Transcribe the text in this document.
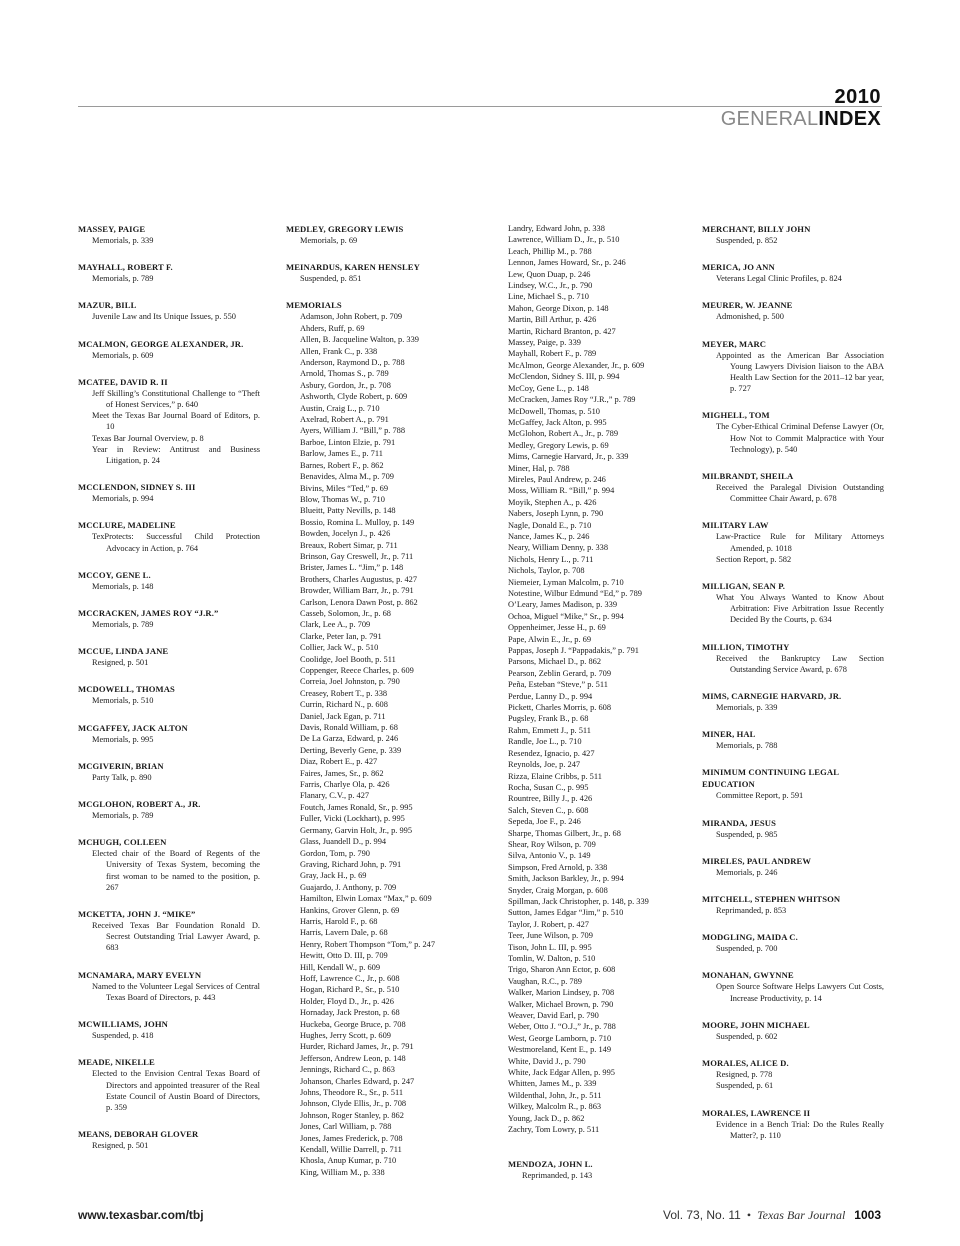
2010
GENERALINDEX
MASSEY, PAIGE
Memorials, p. 339
MAYHALL, ROBERT F.
Memorials, p. 789
MAZUR, BILL
Juvenile Law and Its Unique Issues, p. 550
MCALMON, GEORGE ALEXANDER, JR.
Memorials, p. 609
MCATEE, DAVID R. II
Jeff Skilling’s Constitutional Challenge to “Theft of Honest Services,” p. 640
Meet the Texas Bar Journal Board of Editors, p. 10
Texas Bar Journal Overview, p. 8
Year in Review: Antitrust and Business Litigation, p. 24
MCCLENDON, SIDNEY S. III
Memorials, p. 994
MCCLURE, MADELINE
TexProtects: Successful Child Protection Advocacy in Action, p. 764
MCCOY, GENE L.
Memorials, p. 148
MCCRACKEN, JAMES ROY “J.R.”
Memorials, p. 789
MCCUE, LINDA JANE
Resigned, p. 501
MCDOWELL, THOMAS
Memorials, p. 510
MCGAFFEY, JACK ALTON
Memorials, p. 995
MCGIVERIN, BRIAN
Party Talk, p. 890
MCGLOHON, ROBERT A., JR.
Memorials, p. 789
MCHUGH, COLLEEN
Elected chair of the Board of Regents of the University of Texas System, becoming the first woman to be named to the position, p. 267
MCKETTA, JOHN J. “MIKE”
Received Texas Bar Foundation Ronald D. Secrest Outstanding Trial Lawyer Award, p. 683
MCNAMARA, MARY EVELYN
Named to the Volunteer Legal Services of Central Texas Board of Directors, p. 443
MCWILLIAMS, JOHN
Suspended, p. 418
MEADE, NIKELLE
Elected to the Envision Central Texas Board of Directors and appointed treasurer of the Real Estate Council of Austin Board of Directors, p. 359
MEANS, DEBORAH GLOVER
Resigned, p. 501
MEDLEY, GREGORY LEWIS
Memorials, p. 69
MEINARDUS, KAREN HENSLEY
Suspended, p. 851
MEMORIALS
Adamson, John Robert, p. 709
Ahders, Ruff, p. 69
Allen, B. Jacqueline Walton, p. 339
Allen, Frank C., p. 338
Anderson, Raymond D., p. 788
Arnold, Thomas S., p. 789
Asbury, Gordon, Jr., p. 708
Ashworth, Clyde Robert, p. 609
Austin, Craig L., p. 710
Axelrad, Robert A., p. 791
Ayers, William J. “Bill,” p. 788
Barboe, Linton Elzie, p. 791
Barlow, James E., p. 711
Barnes, Robert F., p. 862
Benavides, Alma M., p. 709
Bivins, Miles “Ted,” p. 69
Blow, Thomas W., p. 710
Blueitt, Patty Nevills, p. 148
Bossio, Romina L. Mulloy, p. 149
Bowden, Jocelyn J., p. 426
Breaux, Robert Simar, p. 711
Brinson, Gay Creswell, Jr., p. 711
Brister, James L. “Jim,” p. 148
Brothers, Charles Augustus, p. 427
Browder, William Barr, Jr., p. 791
Carlson, Lenora Dawn Post, p. 862
Casseb, Solomon, Jr., p. 68
Clark, Lee A., p. 709
Clarke, Peter Ian, p. 791
Collier, Jack W., p. 510
Coolidge, Joel Booth, p. 511
Coppenger, Reece Charles, p. 609
Correia, Joel Johnston, p. 790
Creasey, Robert T., p. 338
Currin, Richard N., p. 608
Daniel, Jack Egan, p. 711
Davis, Ronald William, p. 68
De La Garza, Edward, p. 246
Derting, Beverly Gene, p. 339
Diaz, Robert E., p. 427
Faires, James, Sr., p. 862
Farris, Charlye Ola, p. 426
Flanary, C.V., p. 427
Foutch, James Ronald, Sr., p. 995
Fuller, Vicki (Lockhart), p. 995
Germany, Garvin Holt, Jr., p. 995
Glass, Juandell D., p. 994
Gordon, Tom, p. 790
Graving, Richard John, p. 791
Gray, Jack H., p. 69
Guajardo, J. Anthony, p. 709
Hamilton, Elwin Lomax “Max,” p. 609
Hankins, Grover Glenn, p. 69
Harris, Harold F., p. 68
Harris, Lavern Dale, p. 68
Henry, Robert Thompson “Tom,” p. 247
Hewitt, Otto D. III, p. 709
Hill, Kendall W., p. 609
Hoff, Lawrence C., Jr., p. 608
Hogan, Richard P., Sr., p. 510
Holder, Floyd D., Jr., p. 426
Hornaday, Jack Preston, p. 68
Huckeba, George Bruce, p. 708
Hughes, Jerry Scott, p. 609
Hurder, Richard James, Jr., p. 791
Jefferson, Andrew Leon, p. 148
Jennings, Richard C., p. 863
Johanson, Charles Edward, p. 247
Johns, Theodore R., Sr., p. 511
Johnson, Clyde Ellis, Jr., p. 708
Johnson, Roger Stanley, p. 862
Jones, Carl William, p. 788
Jones, James Frederick, p. 708
Kendall, Willie Darrell, p. 711
Khosla, Anup Kumar, p. 710
King, William M., p. 338
Landry, Edward John, p. 338
Lawrence, William D., Jr., p. 510
Leach, Phillip M., p. 788
Lennon, James Howard, Sr., p. 246
Lew, Quon Duap, p. 246
Lindsey, W.C., Jr., p. 790
Line, Michael S., p. 710
Mahon, George Dixon, p. 148
Martin, Bill Arthur, p. 426
Martin, Richard Branton, p. 427
Massey, Paige, p. 339
Mayhall, Robert F., p. 789
McAlmon, George Alexander, Jr., p. 609
McClendon, Sidney S. III, p. 994
McCoy, Gene L., p. 148
McCracken, James Roy “J.R.,” p. 789
McDowell, Thomas, p. 510
McGaffey, Jack Alton, p. 995
McGlohon, Robert A., Jr., p. 789
Medley, Gregory Lewis, p. 69
Mims, Carnegie Harvard, Jr., p. 339
Miner, Hal, p. 788
Mireles, Paul Andrew, p. 246
Moss, William R. “Bill,” p. 994
Moyik, Stephen A., p. 426
Nabers, Joseph Lynn, p. 790
Nagle, Donald E., p. 710
Nance, James K., p. 246
Neary, William Denny, p. 338
Nichols, Henry L., p. 711
Nichols, Taylor, p. 708
Niemeier, Lyman Malcolm, p. 710
Notestine, Wilbur Edmund “Ed,” p. 789
O’Leary, James Madison, p. 339
Ochoa, Miguel “Mike,” Sr., p. 994
Oppenheimer, Jesse H., p. 69
Pape, Alwin E., Jr., p. 69
Pappas, Joseph J. “Pappadakis,” p. 791
Parsons, Michael D., p. 862
Pearson, Zeblin Gerard, p. 709
Peña, Esteban “Steve,” p. 511
Perdue, Lanny D., p. 994
Pickett, Charles Morris, p. 608
Pugsley, Frank B., p. 68
Rahm, Emmett J., p. 511
Randle, Joe L., p. 710
Resendez, Ignacio, p. 427
Reynolds, Joe, p. 247
Rizza, Elaine Cribbs, p. 511
Rocha, Susan C., p. 995
Rountree, Billy J., p. 426
Salch, Steven C., p. 608
Sepeda, Joe F., p. 246
Sharpe, Thomas Gilbert, Jr., p. 68
Shear, Roy Wilson, p. 709
Silva, Antonio V., p. 149
Simpson, Fred Arnold, p. 338
Smith, Jackson Barkley, Jr., p. 994
Snyder, Craig Morgan, p. 608
Spillman, Jack Christopher, p. 148, p. 339
Sutton, James Edgar “Jim,” p. 510
Taylor, J. Robert, p. 427
Teer, June Wilson, p. 709
Tison, John L. III, p. 995
Tomlin, W. Dalton, p. 510
Trigo, Sharon Ann Ector, p. 608
Vaughan, R.C., p. 789
Walker, Marion Lindsey, p. 708
Walker, Michael Brown, p. 790
Weaver, David Earl, p. 790
Weber, Otto J. “O.J.,” Jr., p. 788
West, George Lamborn, p. 710
Westmoreland, Kent E., p. 149
White, David J., p. 790
White, Jack Edgar Allen, p. 995
Whitten, James M., p. 339
Wildenthal, John, Jr., p. 511
Wilkey, Malcolm R., p. 863
Young, Jack D., p. 862
Zachry, Tom Lowry, p. 511
MENDOZA, JOHN L.
Reprimanded, p. 143
MERCHANT, BILLY JOHN
Suspended, p. 852
MERICA, JO ANN
Veterans Legal Clinic Profiles, p. 824
MEURER, W. JEANNE
Admonished, p. 500
MEYER, MARC
Appointed as the American Bar Association Young Lawyers Division liaison to the ABA Health Law Section for the 2011–12 bar year, p. 727
MIGHELL, TOM
The Cyber-Ethical Criminal Defense Lawyer (Or, How Not to Commit Malpractice with Your Technology), p. 540
MILBRANDT, SHEILA
Received the Paralegal Division Outstanding Committee Chair Award, p. 678
MILITARY LAW
Law-Practice Rule for Military Attorneys Amended, p. 1018
Section Report, p. 582
MILLIGAN, SEAN P.
What You Always Wanted to Know About Arbitration: Five Arbitration Issue Recently Decided By the Courts, p. 634
MILLION, TIMOTHY
Received the Bankruptcy Law Section Outstanding Service Award, p. 678
MIMS, CARNEGIE HARVARD, JR.
Memorials, p. 339
MINER, HAL
Memorials, p. 788
MINIMUM CONTINUING LEGAL EDUCATION
Committee Report, p. 591
MIRANDA, JESUS
Suspended, p. 985
MIRELES, PAUL ANDREW
Memorials, p. 246
MITCHELL, STEPHEN WHITSON
Reprimanded, p. 853
MODGLING, MAIDA C.
Suspended, p. 700
MONAHAN, GWYNNE
Open Source Software Helps Lawyers Cut Costs, Increase Productivity, p. 14
MOORE, JOHN MICHAEL
Suspended, p. 602
MORALES, ALICE D.
Resigned, p. 778
Suspended, p. 61
MORALES, LAWRENCE II
Evidence in a Bench Trial: Do the Rules Really Matter?, p. 110
www.texasbar.com/tbj	Vol. 73, No. 11 • Texas Bar Journal 1003
